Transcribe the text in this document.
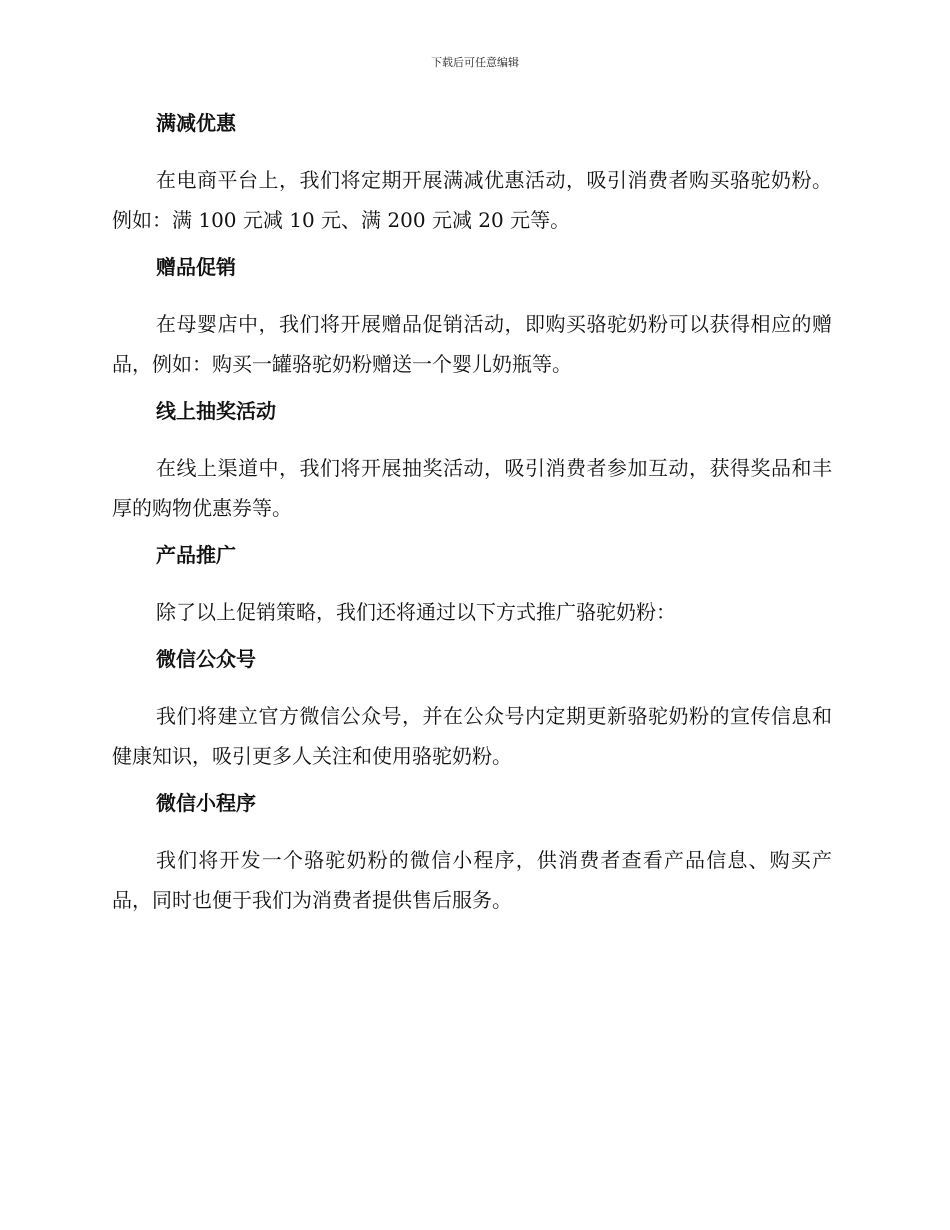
下载后可任意编辑
满减优惠

在电商平台上，我们将定期开展满减优惠活动，吸引消费者购买骆驼奶粉。例如：满 100 元减 10 元、满 200 元减 20 元等。

赠品促销

在母婴店中，我们将开展赠品促销活动，即购买骆驼奶粉可以获得相应的赠品，例如：购买一罐骆驼奶粉赠送一个婴儿奶瓶等。

线上抽奖活动

在线上渠道中，我们将开展抽奖活动，吸引消费者参加互动，获得奖品和丰厚的购物优惠券等。

产品推广

除了以上促销策略，我们还将通过以下方式推广骆驼奶粉：

微信公众号

我们将建立官方微信公众号，并在公众号内定期更新骆驼奶粉的宣传信息和健康知识，吸引更多人关注和使用骆驼奶粉。

微信小程序

我们将开发一个骆驼奶粉的微信小程序，供消费者查看产品信息、购买产品，同时也便于我们为消费者提供售后服务。
